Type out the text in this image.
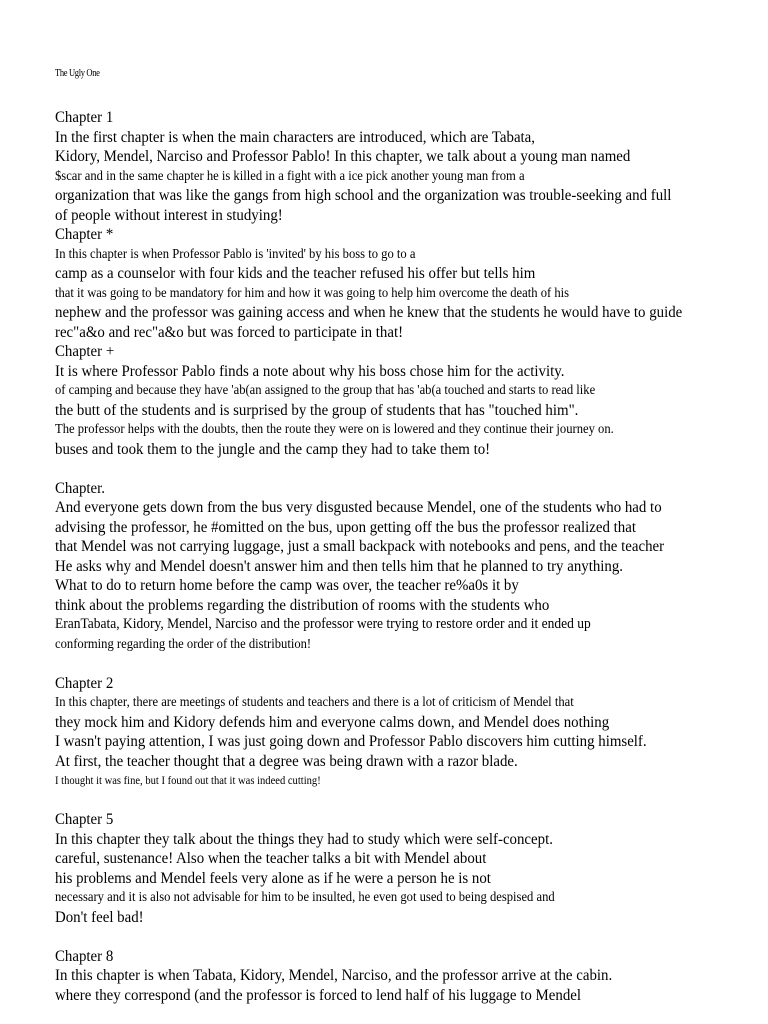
The Ugly One
Chapter 1
In the first chapter is when the main characters are introduced, which are Tabata,
Kidory, Mendel, Narciso and Professor Pablo! In this chapter, we talk about a young man named
$scar and in the same chapter he is killed in a fight with a ice pick another young man from a
organization that was like the gangs from high school and the organization was trouble-seeking and full
of people without interest in studying!
Chapter *
In this chapter is when Professor Pablo is 'invited' by his boss to go to a
camp as a counselor with four kids and the teacher refused his offer but tells him
that it was going to be mandatory for him and how it was going to help him overcome the death of his
nephew and the professor was gaining access and when he knew that the students he would have to guide
rec"a&o and rec"a&o but was forced to participate in that!
Chapter +
It is where Professor Pablo finds a note about why his boss chose him for the activity.
of camping and because they have 'ab(an assigned to the group that has 'ab(a touched and starts to read like
the butt of the students and is surprised by the group of students that has "touched him".
The professor helps with the doubts, then the route they were on is lowered and they continue their journey on.
buses and took them to the jungle and the camp they had to take them to!
Chapter.
And everyone gets down from the bus very disgusted because Mendel, one of the students who had to
advising the professor, he #omitted on the bus, upon getting off the bus the professor realized that
that Mendel was not carrying luggage, just a small backpack with notebooks and pens, and the teacher
He asks why and Mendel doesn't answer him and then tells him that he planned to try anything.
What to do to return home before the camp was over, the teacher re%a0s it by
think about the problems regarding the distribution of rooms with the students who
EranTabata, Kidory, Mendel, Narciso and the professor were trying to restore order and it ended up
conforming regarding the order of the distribution!
Chapter 2
In this chapter, there are meetings of students and teachers and there is a lot of criticism of Mendel that
they mock him and Kidory defends him and everyone calms down, and Mendel does nothing
I wasn't paying attention, I was just going down and Professor Pablo discovers him cutting himself.
At first, the teacher thought that a degree was being drawn with a razor blade.
I thought it was fine, but I found out that it was indeed cutting!
Chapter 5
In this chapter they talk about the things they had to study which were self-concept.
careful, sustenance! Also when the teacher talks a bit with Mendel about
his problems and Mendel feels very alone as if he were a person he is not
necessary and it is also not advisable for him to be insulted, he even got used to being despised and
Don't feel bad!
Chapter 8
In this chapter is when Tabata, Kidory, Mendel, Narciso, and the professor arrive at the cabin.
where they correspond (and the professor is forced to lend half of his luggage to Mendel
